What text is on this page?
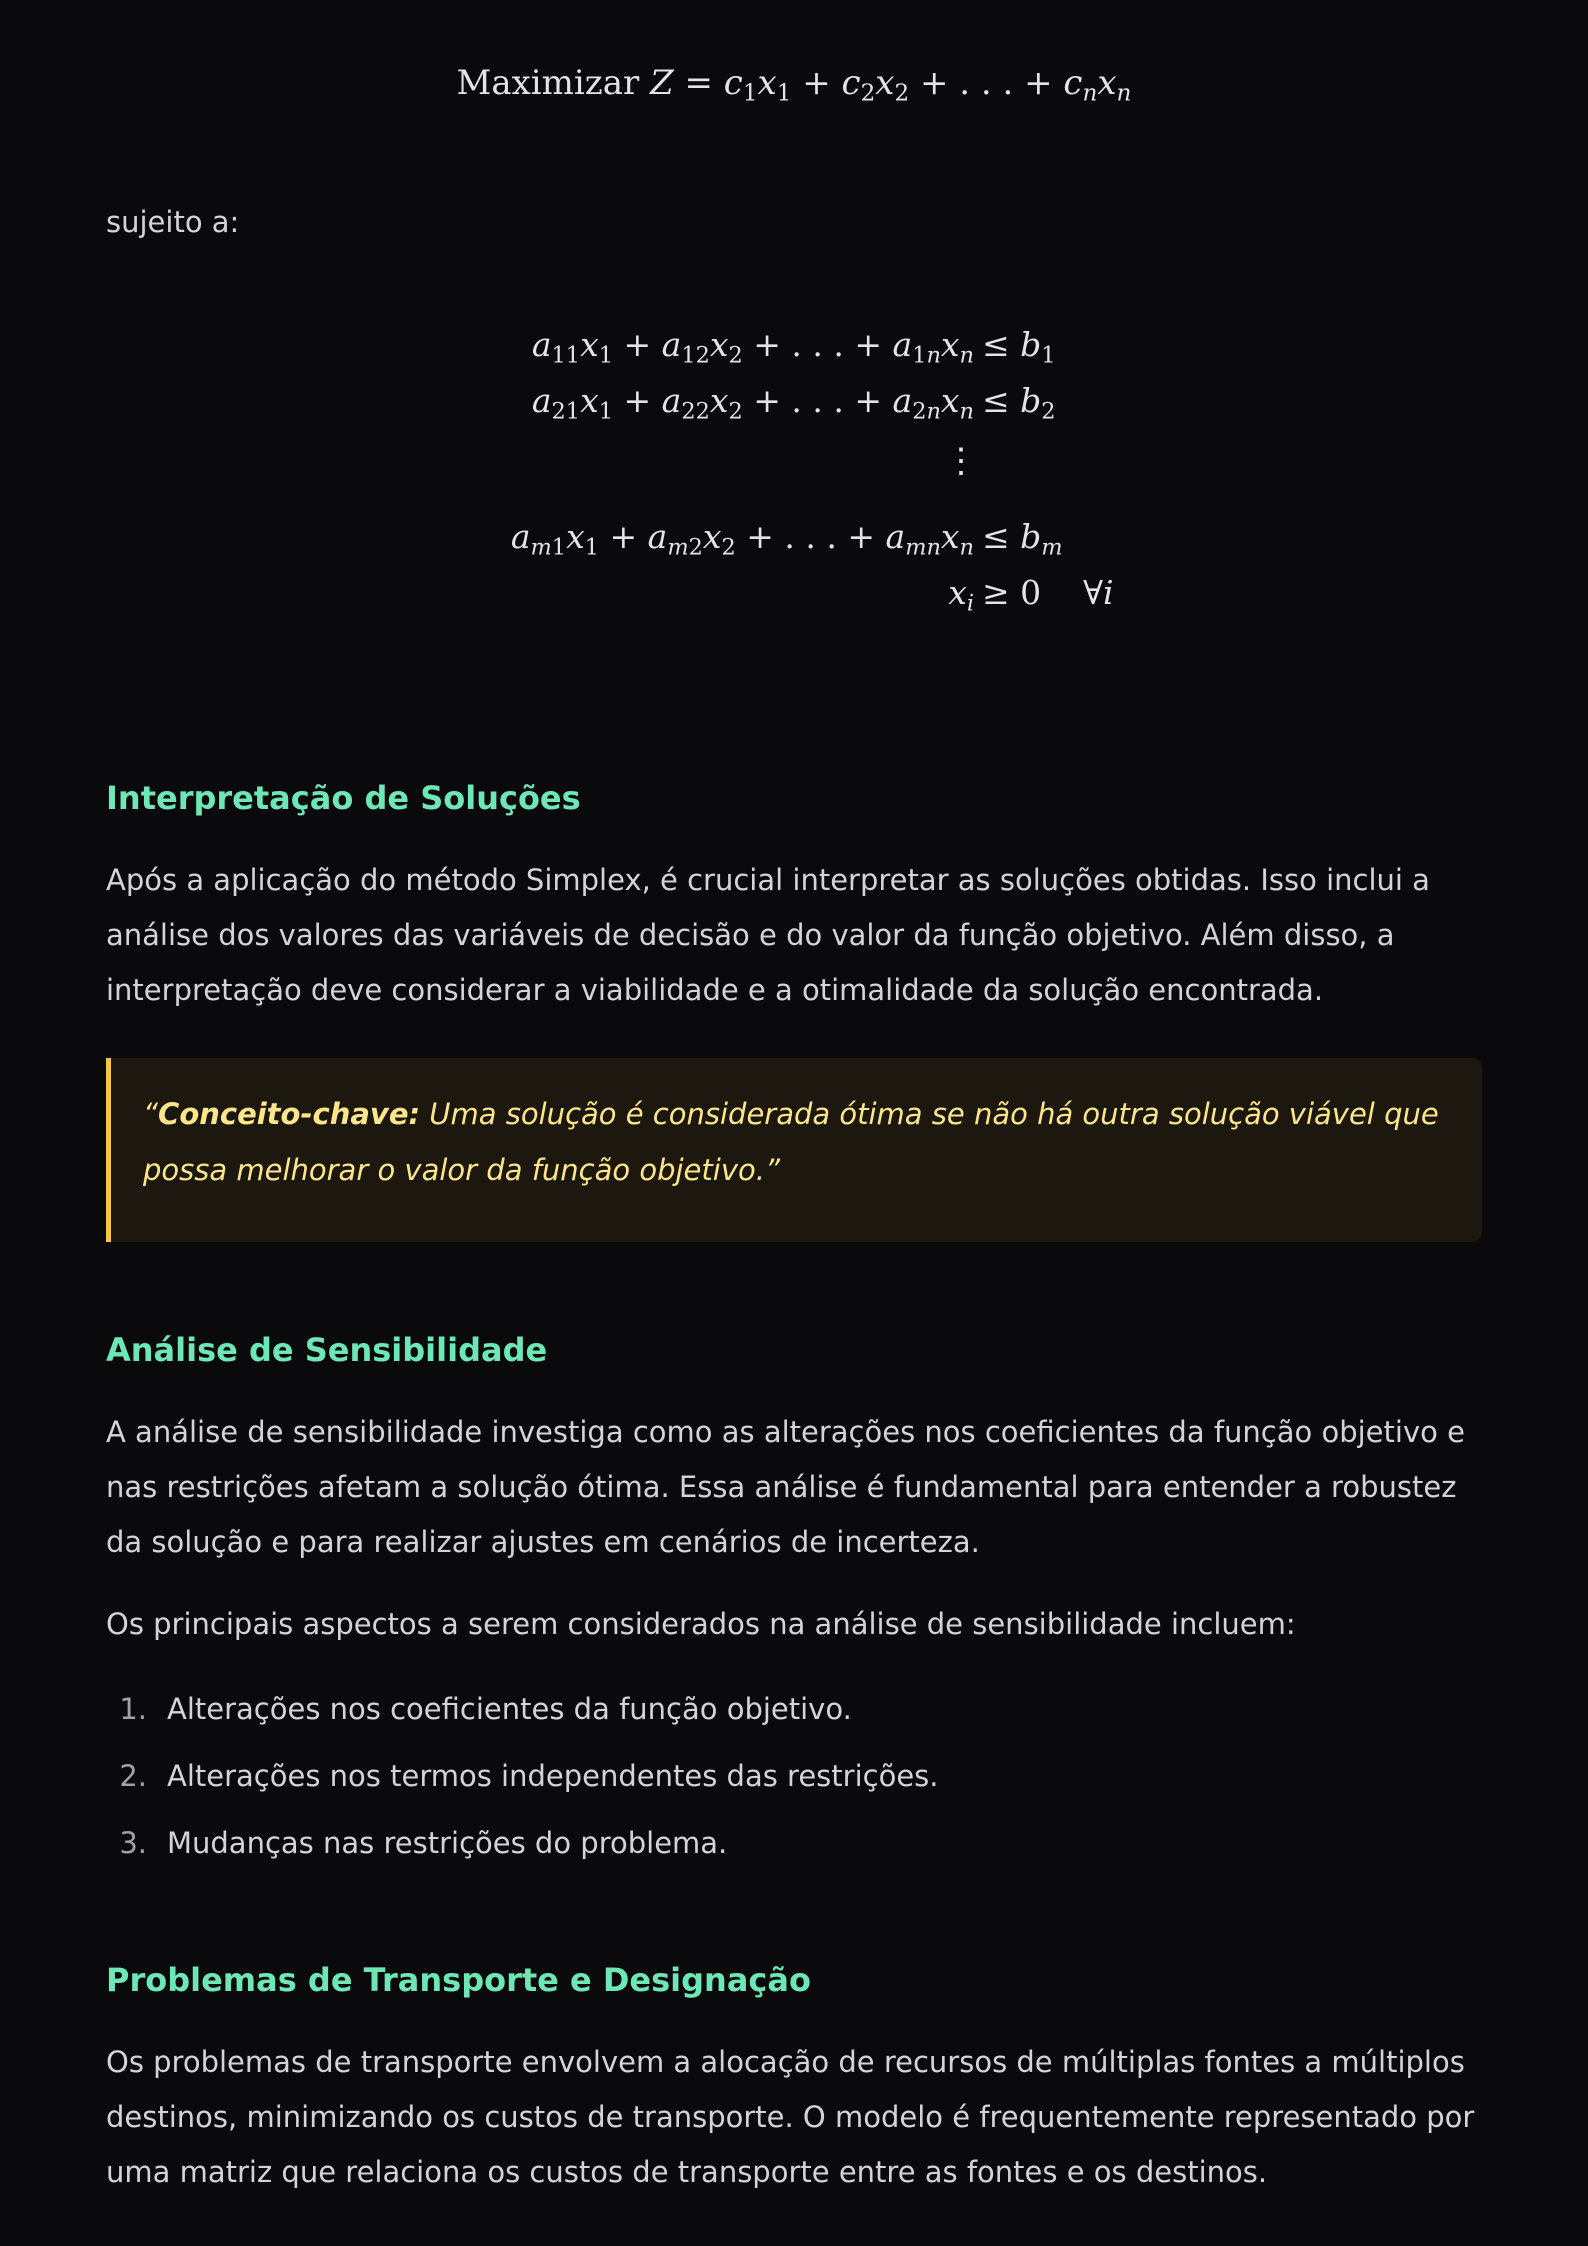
Maximizar $Z = c_1x_1 + c_2x_2$ + . . . + $c_nx_n$
sujeito a:
$a_{11}x_1 + a_{12}x_2$ + . . . + $a_{1n}x_n \le b_1$
$a_{21}x_1 + a_{22}x_2$ + . . . + $a_{2n}x_n \le b_2$
⋮
$a_{m1}x_1 + a_{m2}x_2$ + . . . + $a_{mn}x_n \le b_m$
$x_i \ge 0$    ∀i
Interpretação de Soluções

Após a aplicação do método Simplex, é crucial interpretar as soluções obtidas. Isso inclui a análise dos valores das variáveis de decisão e do valor da função objetivo. Além disso, a interpretação deve considerar a viabilidade e a otimalidade da solução encontrada.

“Conceito-chave: Uma solução é considerada ótima se não há outra solução viável que possa melhorar o valor da função objetivo.”

Análise de Sensibilidade

A análise de sensibilidade investiga como as alterações nos coeficientes da função objetivo e nas restrições afetam a solução ótima. Essa análise é fundamental para entender a robustez da solução e para realizar ajustes em cenários de incerteza.

Os principais aspectos a serem considerados na análise de sensibilidade incluem:

1. Alterações nos coeficientes da função objetivo.
2. Alterações nos termos independentes das restrições.
3. Mudanças nas restrições do problema.
Problemas de Transporte e Designação

Os problemas de transporte envolvem a alocação de recursos de múltiplas fontes a múltiplos destinos, minimizando os custos de transporte. O modelo é frequentemente representado por uma matriz que relaciona os custos de transporte entre as fontes e os destinos.
